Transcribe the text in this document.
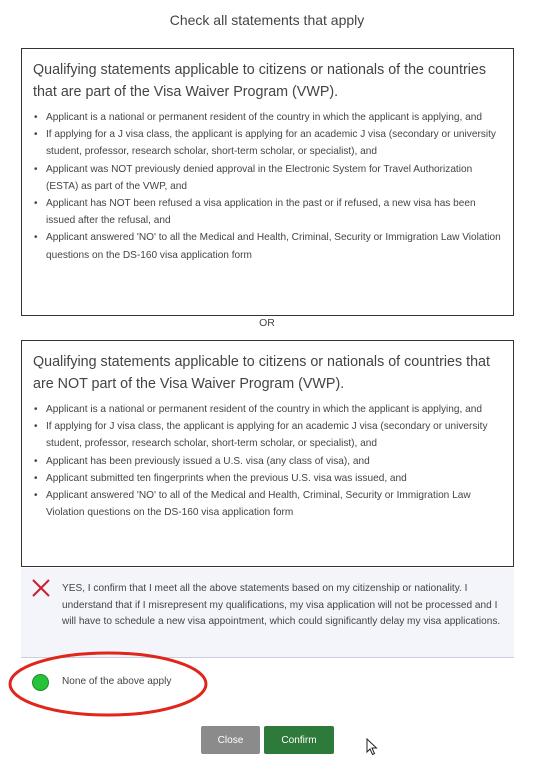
Check all statements that apply

Qualifying statements applicable to citizens or nationals of the countries that are part of the Visa Waiver Program (VWP).

• Applicant is a national or permanent resident of the country in which the applicant is applying, and
• If applying for a J visa class, the applicant is applying for an academic J visa (secondary or university student, professor, research scholar, short-term scholar, or specialist), and
• Applicant was NOT previously denied approval in the Electronic System for Travel Authorization (ESTA) as part of the VWP, and
• Applicant has NOT been refused a visa application in the past or if refused, a new visa has been issued after the refusal, and
• Applicant answered 'NO' to all the Medical and Health, Criminal, Security or Immigration Law Violation questions on the DS-160 visa application form
OR

Qualifying statements applicable to citizens or nationals of countries that are NOT part of the Visa Waiver Program (VWP).

• Applicant is a national or permanent resident of the country in which the applicant is applying, and
• If applying for J visa class, the applicant is applying for an academic J visa (secondary or university student, professor, research scholar, short-term scholar, or specialist), and
• Applicant has been previously issued a U.S. visa (any class of visa), and
• Applicant submitted ten fingerprints when the previous U.S. visa was issued, and
• Applicant answered 'NO' to all of the Medical and Health, Criminal, Security or Immigration Law Violation questions on the DS-160 visa application form
YES, I confirm that I meet all the above statements based on my citizenship or nationality. I understand that if I misrepresent my qualifications, my visa application will not be processed and I will have to schedule a new visa appointment, which could significantly delay my visa applications.
None of the above apply
Close	Confirm
